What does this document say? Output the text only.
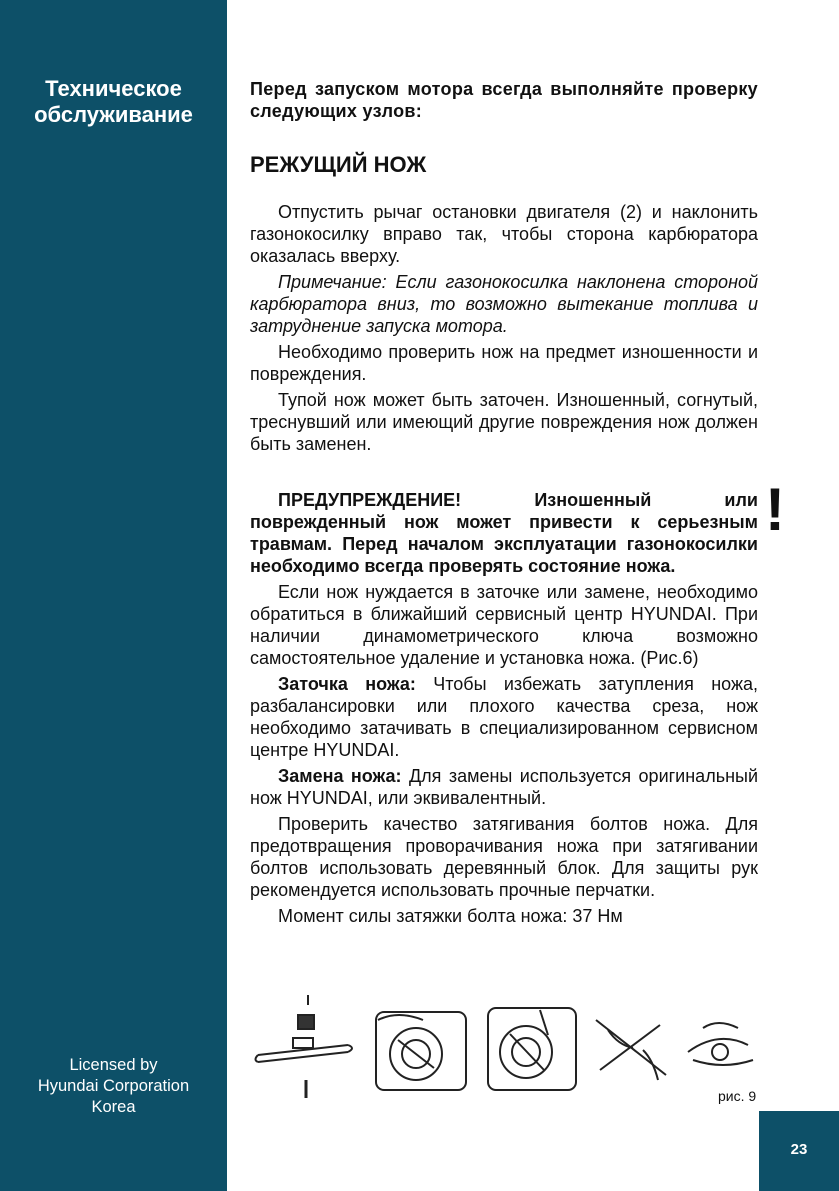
Техническое
обслуживание
Licensed by
Hyundai Corporation
Korea

Перед запуском мотора всегда выполняйте проверку следующих узлов:

РЕЖУЩИЙ НОЖ

Отпустить рычаг остановки двигателя (2) и наклонить газонокосилку вправо так, чтобы сторона карбюратора оказалась вверху.

Примечание: Если газонокосилка наклонена стороной карбюратора вниз, то возможно вытекание топлива и затруднение запуска мотора.

Необходимо проверить нож на предмет изношенности и повреждения.

Тупой нож может быть заточен. Изношенный, согнутый, треснувший или имеющий другие повреждения нож должен быть заменен.

ПРЕДУПРЕЖДЕНИЕ! Изношенный или поврежденный нож может привести к серьезным травмам. Перед началом эксплуатации газонокосилки необходимо всегда проверять состояние ножа.

Если нож нуждается в заточке или замене, необходимо обратиться в ближайший сервисный центр HYUNDAI. При наличии динамометрического ключа возможно самостоятельное удаление и установка ножа. (Рис.6)

Заточка ножа: Чтобы избежать затупления ножа, разбалансировки или плохого качества среза, нож необходимо затачивать в специализированном сервисном центре HYUNDAI.

Замена ножа: Для замены используется оригинальный нож HYUNDAI, или эквивалентный.

Проверить качество затягивания болтов ножа. Для предотвращения проворачивания ножа при затягивании болтов использовать деревянный блок. Для защиты рук рекомендуется использовать прочные перчатки.

Момент силы затяжки болта ножа: 37 Нм

!
рис. 9
23
